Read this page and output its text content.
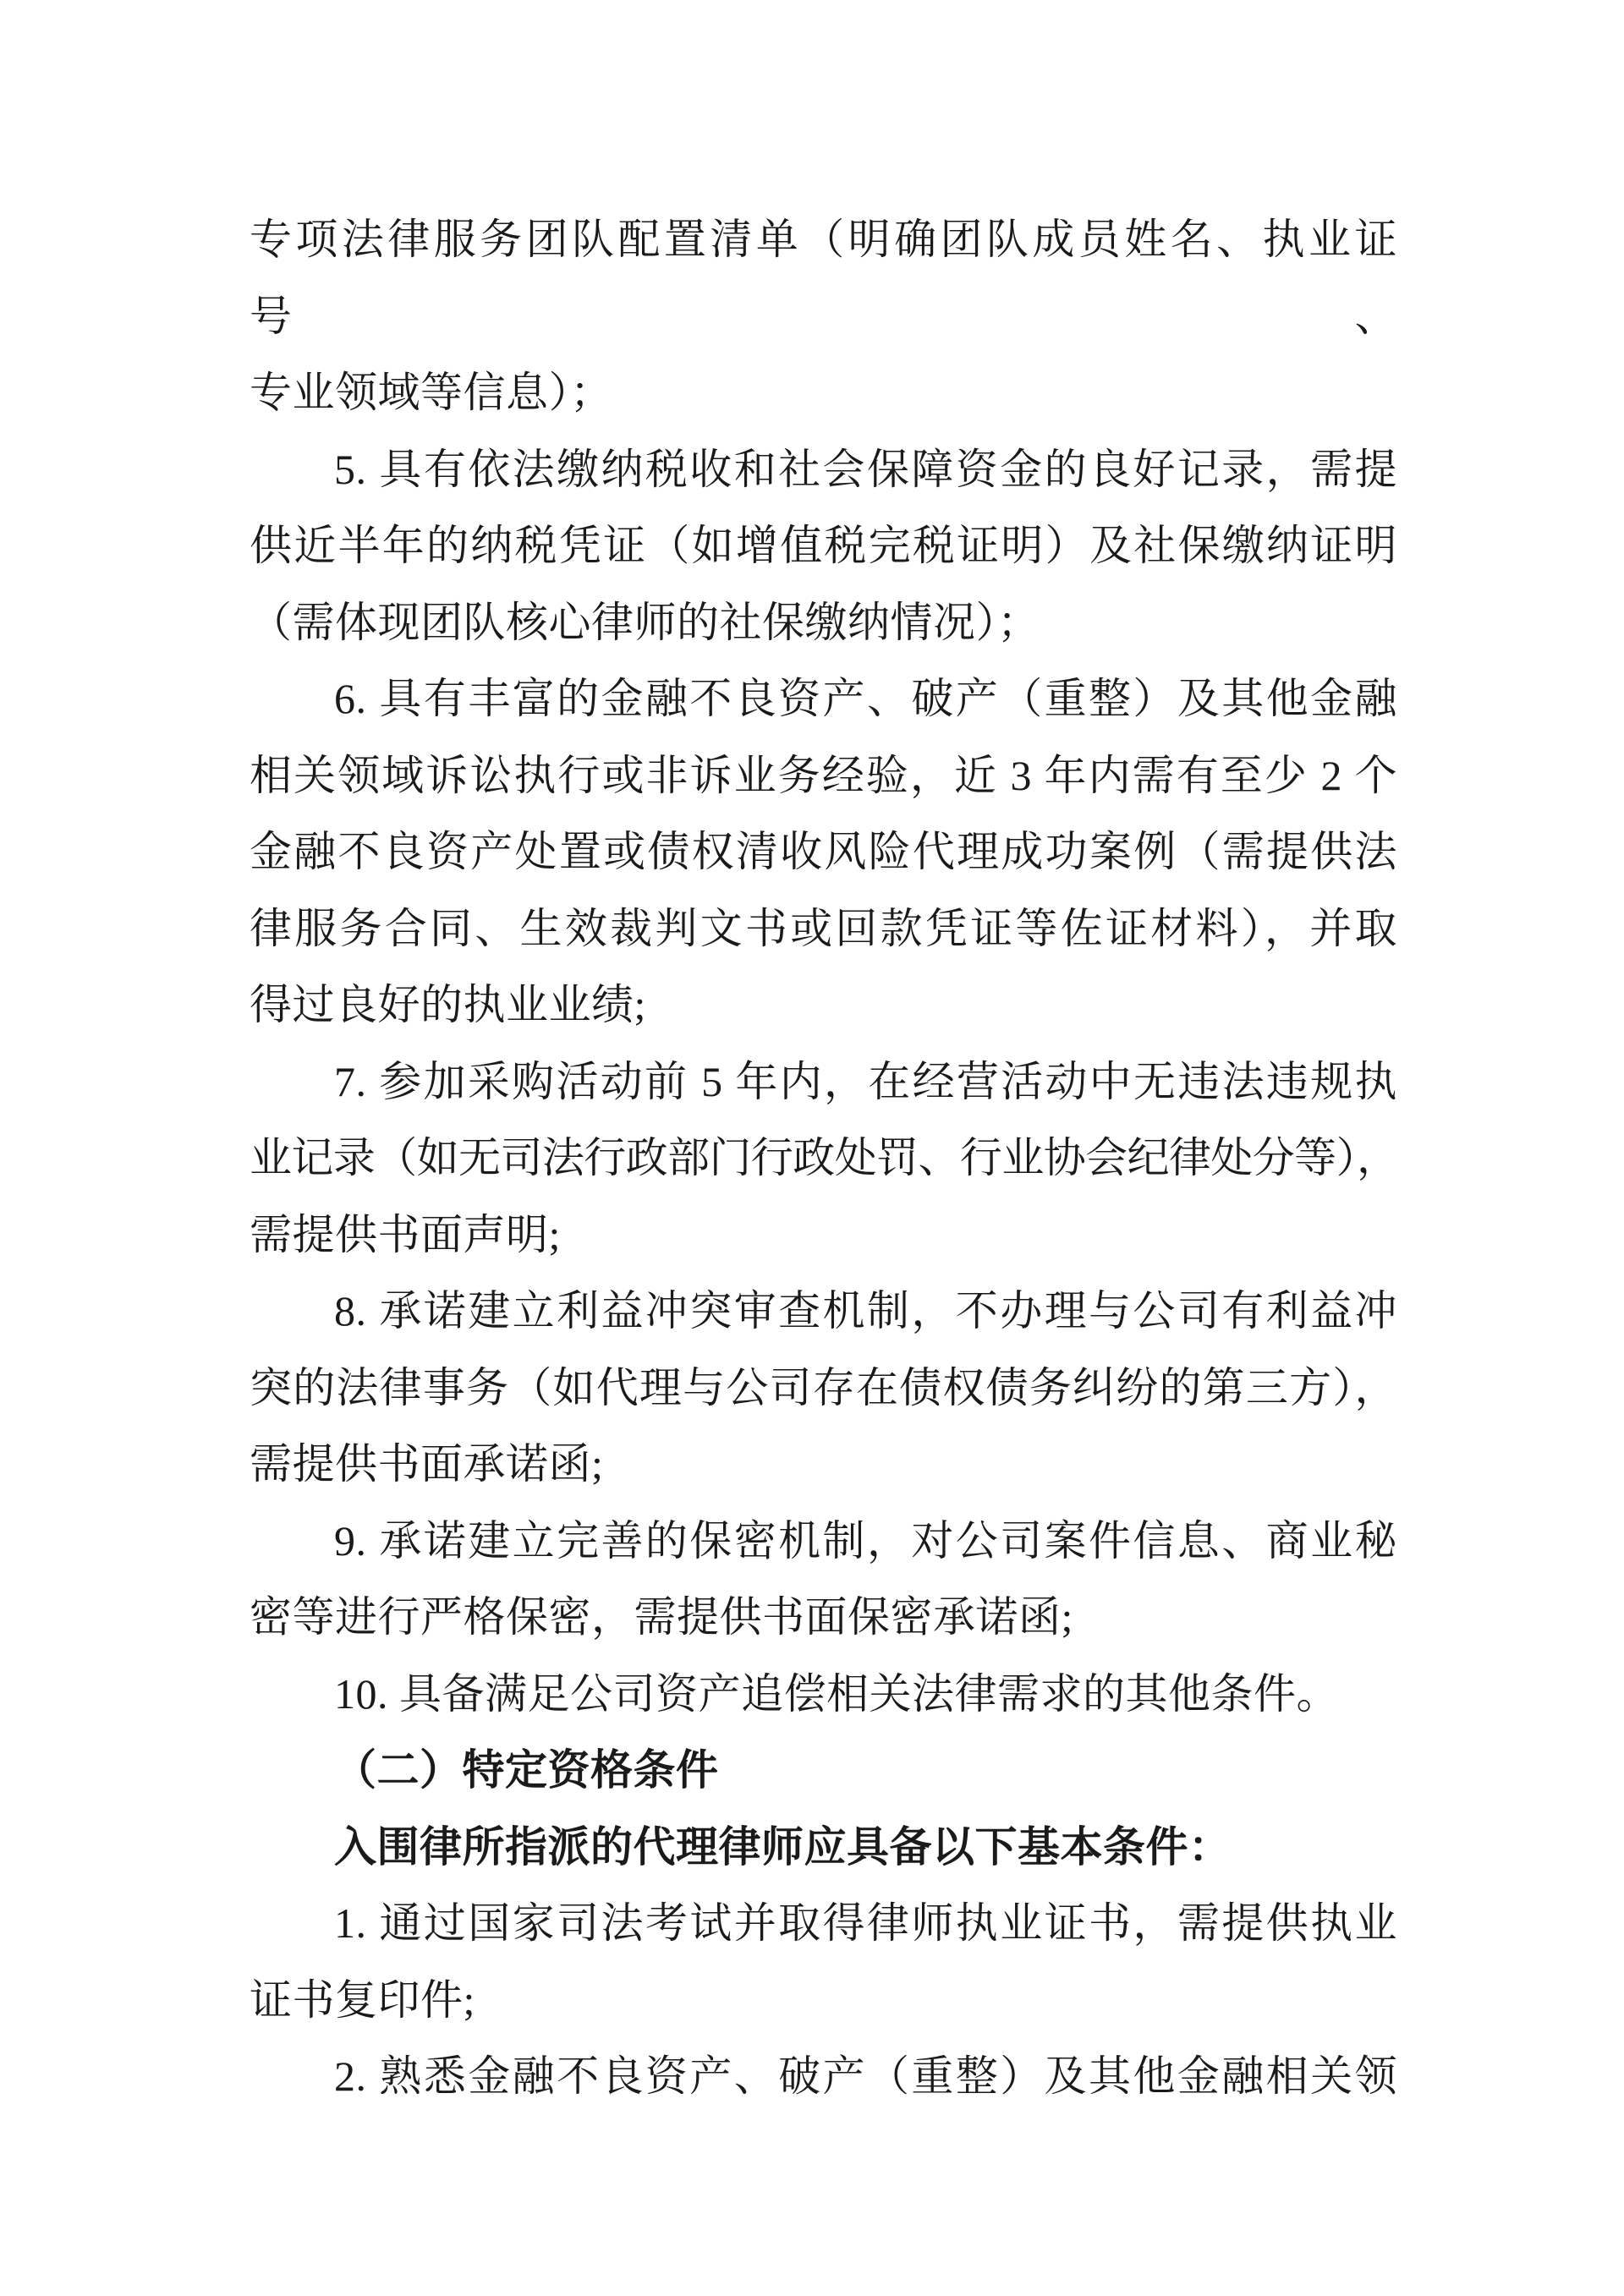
专项法律服务团队配置清单（明确团队成员姓名、执业证号、
专业领域等信息）；
5. 具有依法缴纳税收和社会保障资金的良好记录，需提
供近半年的纳税凭证（如增值税完税证明）及社保缴纳证明
（需体现团队核心律师的社保缴纳情况）；
6. 具有丰富的金融不良资产、破产（重整）及其他金融
相关领域诉讼执行或非诉业务经验，近 3 年内需有至少 2 个
金融不良资产处置或债权清收风险代理成功案例（需提供法
律服务合同、生效裁判文书或回款凭证等佐证材料），并取
得过良好的执业业绩;
7. 参加采购活动前 5 年内，在经营活动中无违法违规执
业记录（如无司法行政部门行政处罚、行业协会纪律处分等），
需提供书面声明;
8. 承诺建立利益冲突审查机制，不办理与公司有利益冲
突的法律事务（如代理与公司存在债权债务纠纷的第三方），
需提供书面承诺函;
9. 承诺建立完善的保密机制，对公司案件信息、商业秘
密等进行严格保密，需提供书面保密承诺函;
10. 具备满足公司资产追偿相关法律需求的其他条件。
（二）特定资格条件
入围律所指派的代理律师应具备以下基本条件：
1. 通过国家司法考试并取得律师执业证书，需提供执业
证书复印件;
2. 熟悉金融不良资产、破产（重整）及其他金融相关领
